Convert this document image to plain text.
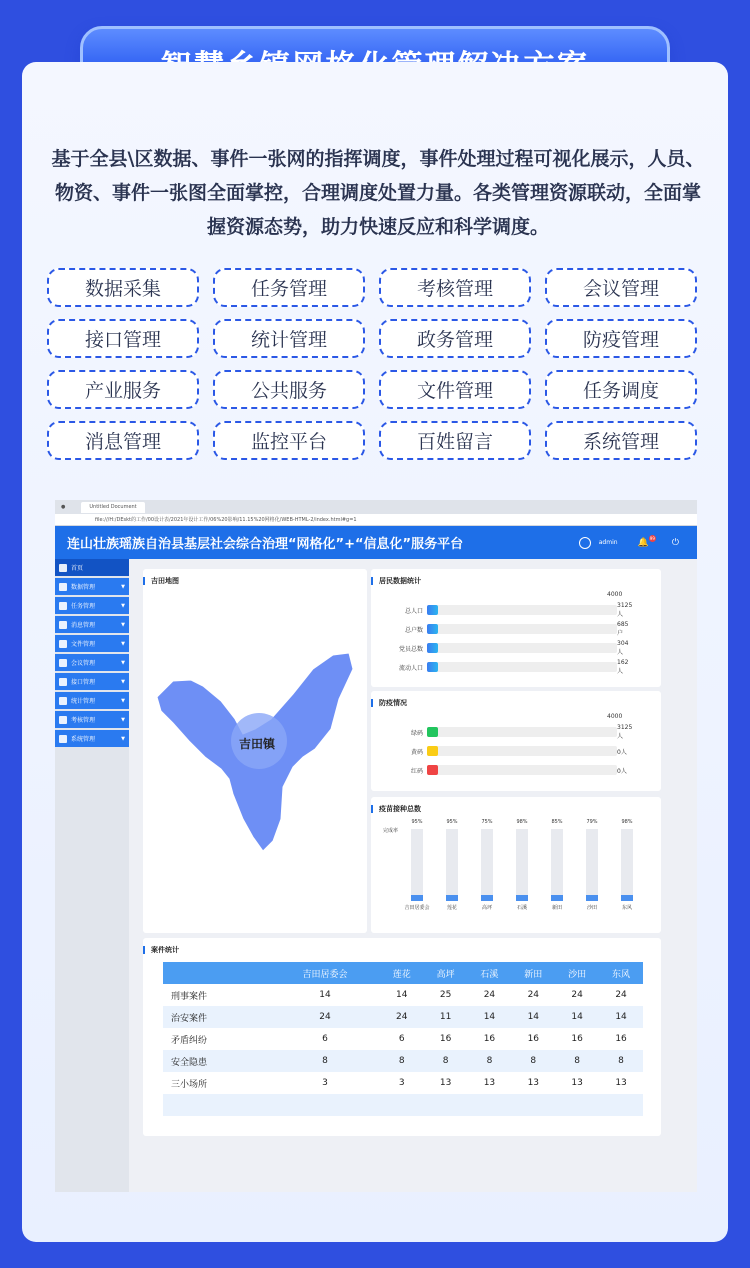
基于全县\区数据、事件一张网的指挥调度，事件处理过程可视化展示，人员、物资、事件一张图全面掌控，合理调度处置力量。各类管理资源联动，全面掌握资源态势，助力快速反应和科学调度。
数据采集	任务管理	考核管理	会议管理
接口管理	统计管理	政务管理	防疫管理
产业服务	公共服务	文件管理	任务调度
消息管理	监控平台	百姓留言	系统管理
●	Untitled Document
file:///H:/DEskt的工作/00设计表/2021年设计工作/06%20影响/11.15%20网格化/WEB-HTML-2/index.html#g=1
连山壮族瑶族自治县基层社会综合治理“网格化”+“信息化”服务平台	admin 🔔 99 ⏻
首页
数据管理	▼
任务管理	▼
消息管理	▼
文件管理	▼
会议管理	▼
接口管理	▼
统计管理	▼
考核管理	▼
系统管理	▼
吉田地图
吉田镇
居民数据统计
4000
总人口
3125人
总户数
685户
党员总数
304人
流动人口
162人
防疫情况
4000
绿码
3125人
黄码	0人
红码	0人
疫苗接种总数
完成率
95%
吉田居委会
95%
莲花
75%
高坪
98%
石溪
85%
新田
79%
沙田
98%
东风
案件统计
	吉田居委会	莲花	高坪	石溪	新田	沙田	东风
刑事案件	14	14	25	24	24	24	24
治安案件	24	24	11	14	14	14	14
矛盾纠纷	6	6	16	16	16	16	16
安全隐患	8	8	8	8	8	8	8
三小场所	3	3	13	13	13	13	13
